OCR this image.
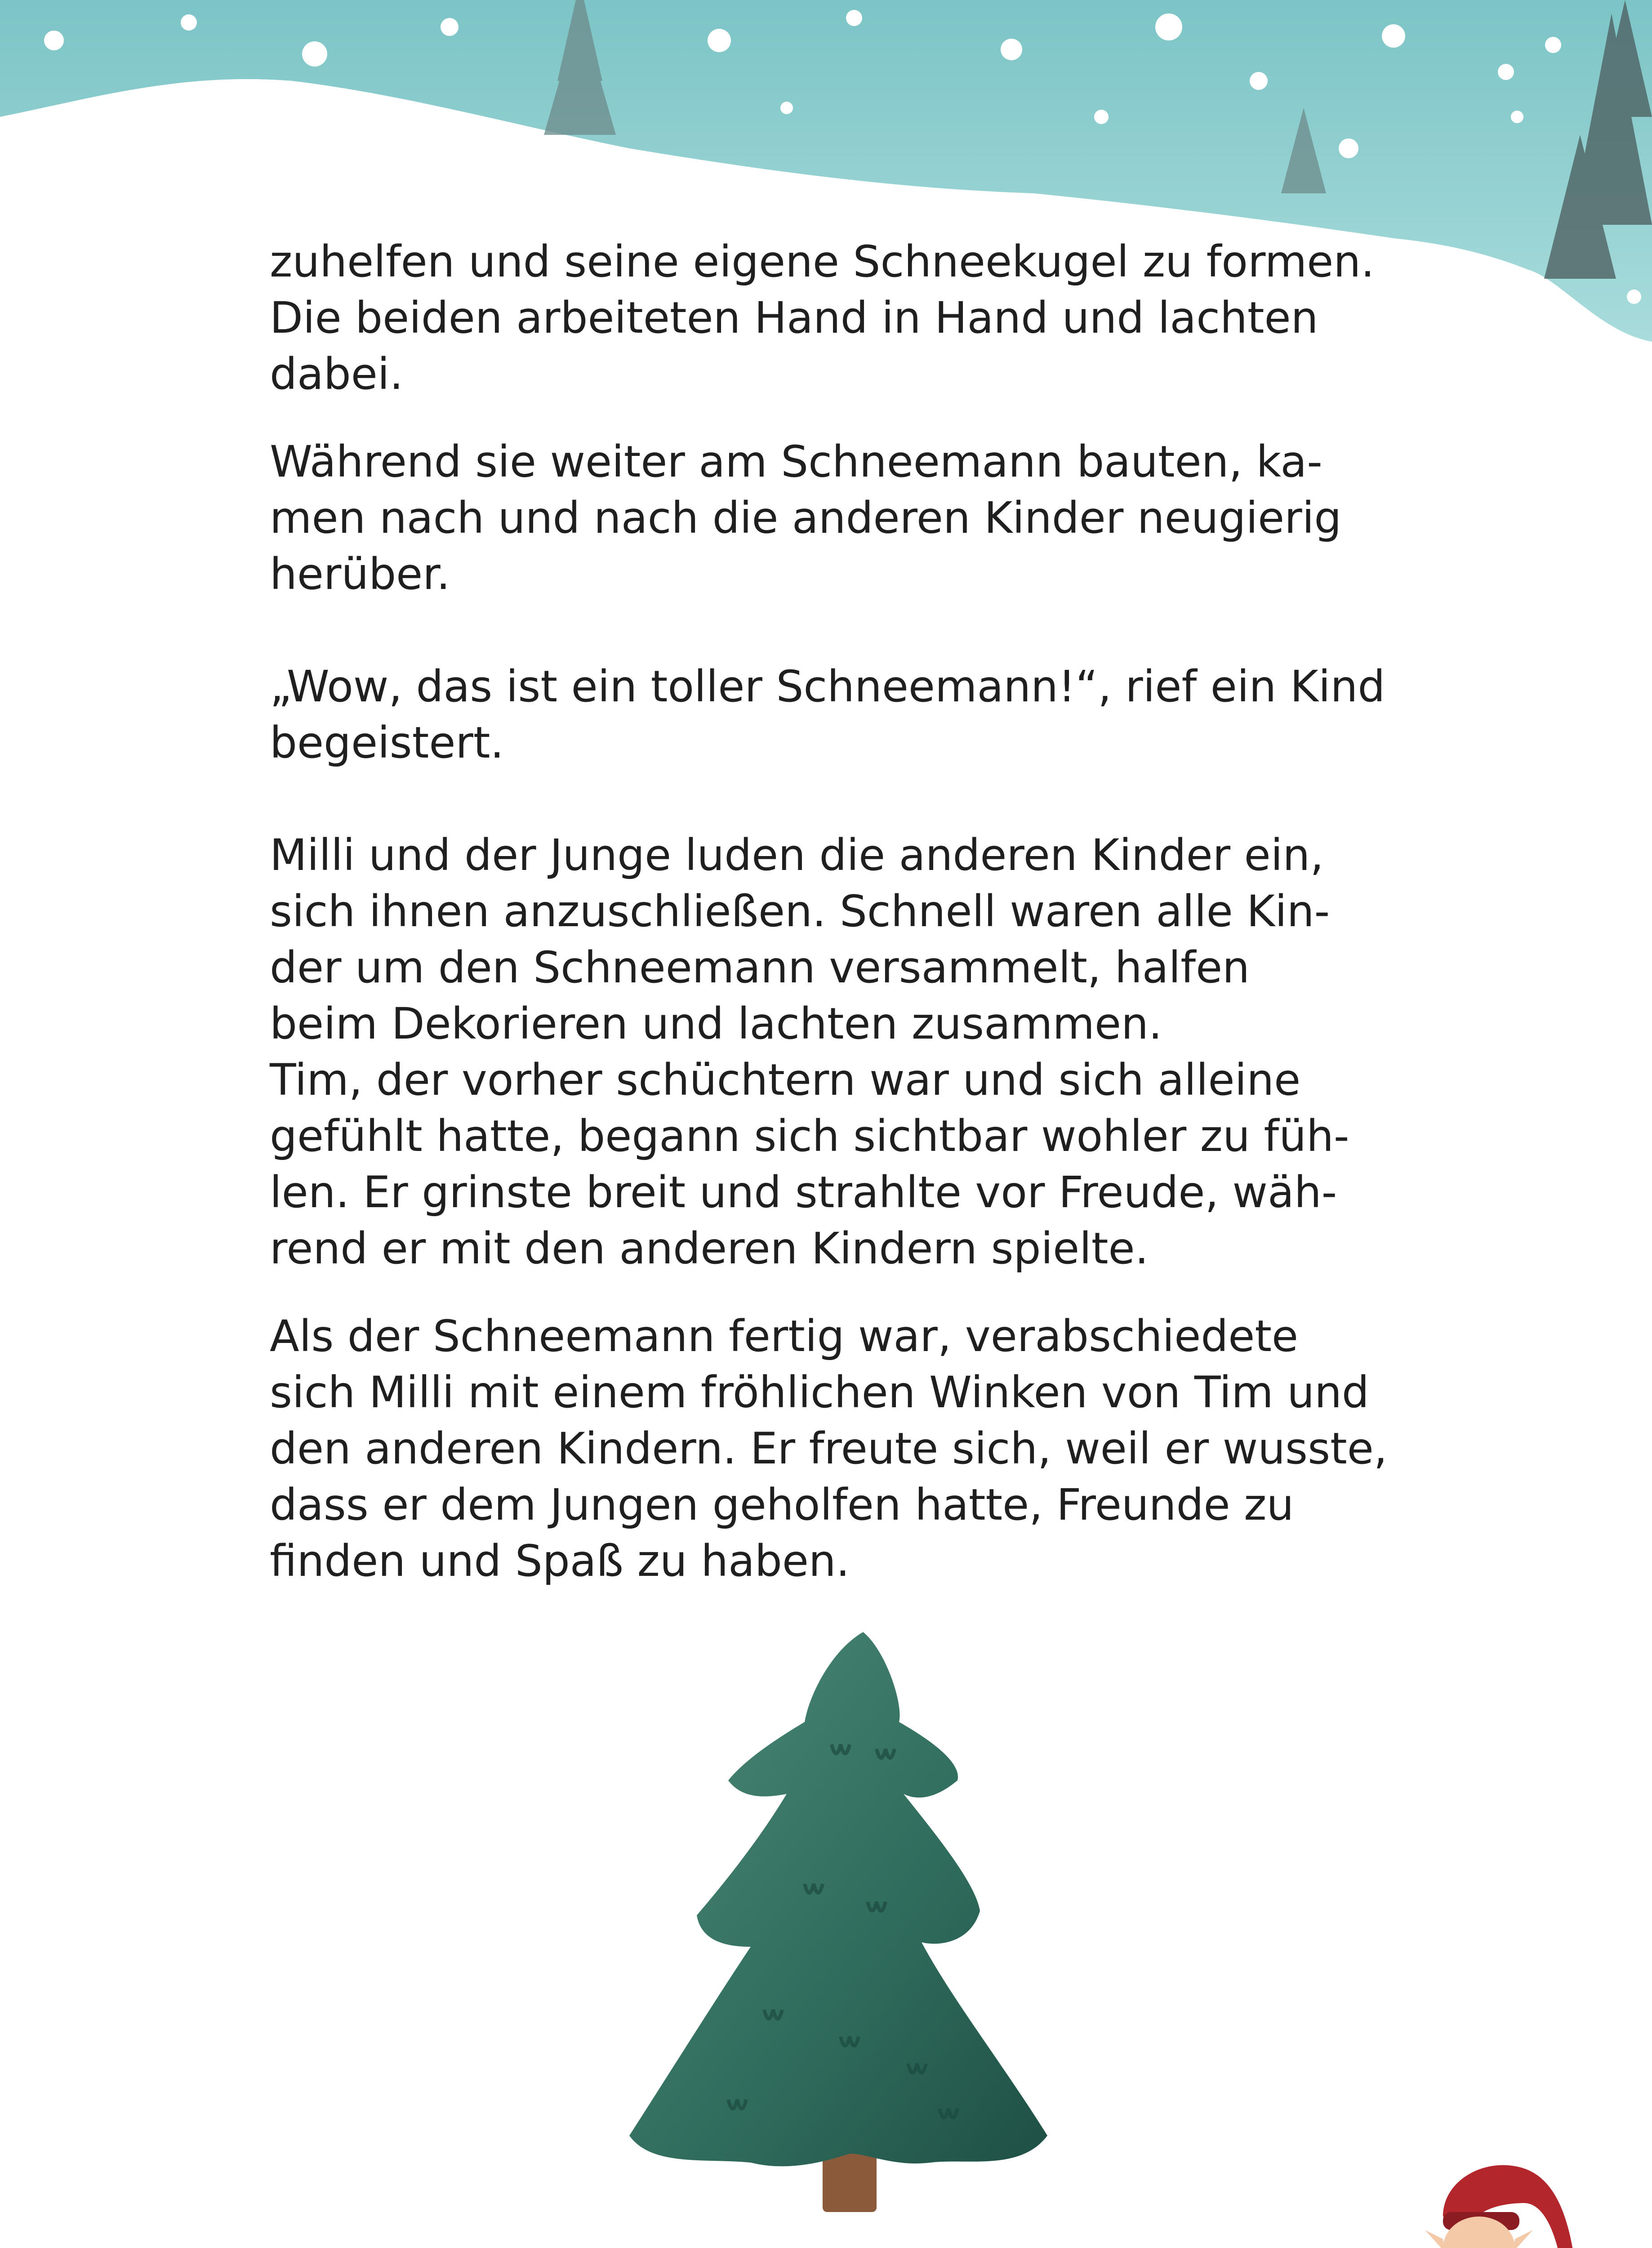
zuhelfen und seine eigene Schneekugel zu formen.
Die beiden arbeiteten Hand in Hand und lachten
dabei.

Während sie weiter am Schneemann bauten, ka-
men nach und nach die anderen Kinder neugierig
herüber.

„Wow, das ist ein toller Schneemann!“, rief ein Kind
begeistert.

Milli und der Junge luden die anderen Kinder ein,
sich ihnen anzuschließen. Schnell waren alle Kin-
der um den Schneemann versammelt, halfen
beim Dekorieren und lachten zusammen.
Tim, der vorher schüchtern war und sich alleine
gefühlt hatte, begann sich sichtbar wohler zu füh-
len. Er grinste breit und strahlte vor Freude, wäh-
rend er mit den anderen Kindern spielte.

Als der Schneemann fertig war, verabschiedete
sich Milli mit einem fröhlichen Winken von Tim und
den anderen Kindern. Er freute sich, weil er wusste,
dass er dem Jungen geholfen hatte, Freunde zu
finden und Spaß zu haben.
